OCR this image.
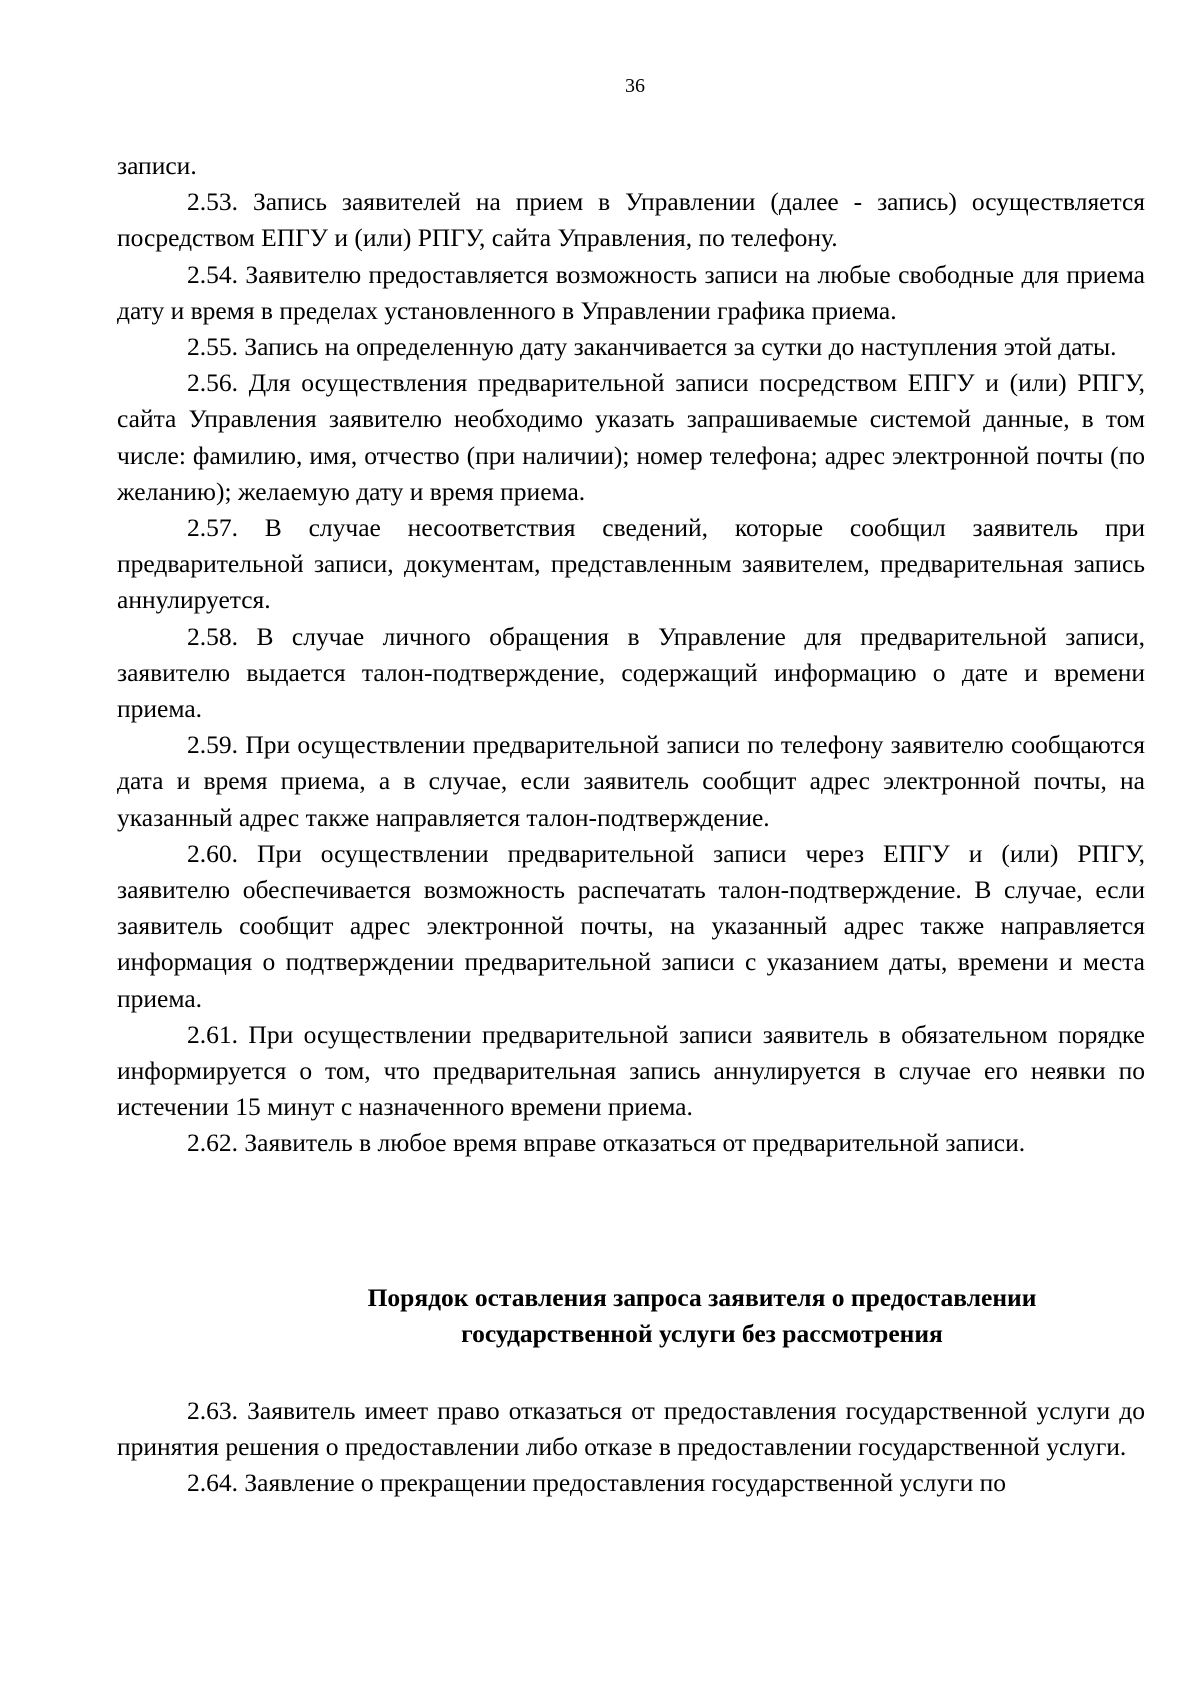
36

записи.

2.53. Запись заявителей на прием в Управлении (далее - запись) осуществляется посредством ЕПГУ и (или) РПГУ, сайта Управления, по телефону.

2.54. Заявителю предоставляется возможность записи на любые свободные для приема дату и время в пределах установленного в Управлении графика приема.

2.55. Запись на определенную дату заканчивается за сутки до наступления этой даты.

2.56. Для осуществления предварительной записи посредством ЕПГУ и (или) РПГУ, сайта Управления заявителю необходимо указать запрашиваемые системой данные, в том числе: фамилию, имя, отчество (при наличии); номер телефона; адрес электронной почты (по желанию); желаемую дату и время приема.

2.57. В случае несоответствия сведений, которые сообщил заявитель при предварительной записи, документам, представленным заявителем, предварительная запись аннулируется.

2.58. В случае личного обращения в Управление для предварительной записи, заявителю выдается талон-подтверждение, содержащий информацию о дате и времени приема.

2.59. При осуществлении предварительной записи по телефону заявителю сообщаются дата и время приема, а в случае, если заявитель сообщит адрес электронной почты, на указанный адрес также направляется талон-подтверждение.

2.60. При осуществлении предварительной записи через ЕПГУ и (или) РПГУ, заявителю обеспечивается возможность распечатать талон-подтверждение. В случае, если заявитель сообщит адрес электронной почты, на указанный адрес также направляется информация о подтверждении предварительной записи с указанием даты, времени и места приема.

2.61. При осуществлении предварительной записи заявитель в обязательном порядке информируется о том, что предварительная запись аннулируется в случае его неявки по истечении 15 минут с назначенного времени приема.

2.62. Заявитель в любое время вправе отказаться от предварительной записи.

Порядок оставления запроса заявителя о предоставлении
государственной услуги без рассмотрения

2.63. Заявитель имеет право отказаться от предоставления государственной услуги до принятия решения о предоставлении либо отказе в предоставлении государственной услуги.

2.64. Заявление о прекращении предоставления государственной услуги по
